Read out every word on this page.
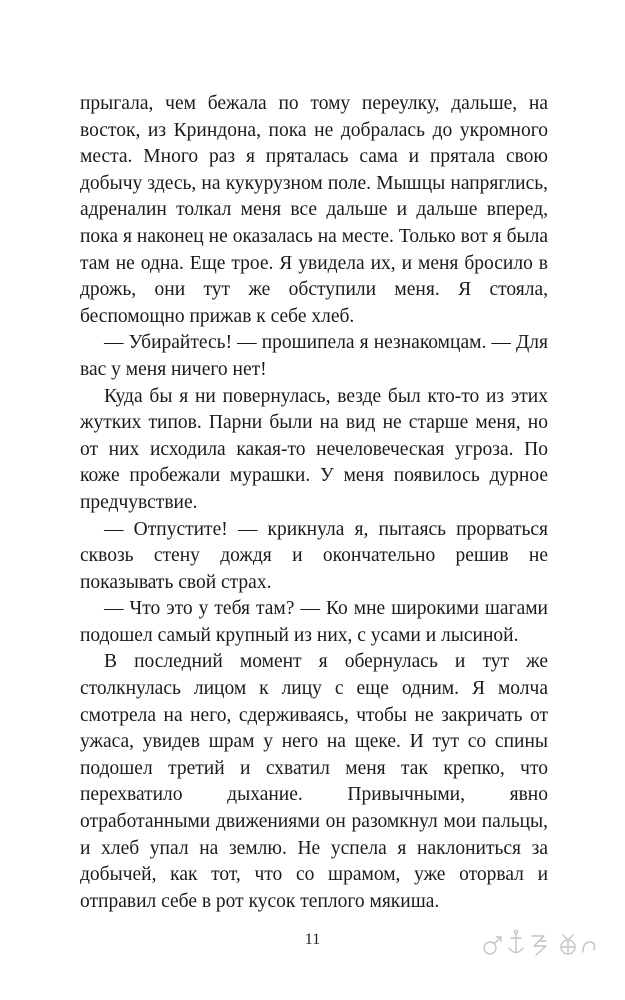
прыгала, чем бежала по тому переулку, дальше, на восток, из Криндона, пока не добралась до укромного места. Много раз я пряталась сама и прятала свою добычу здесь, на кукурузном поле. Мышцы напряглись, адреналин толкал меня все дальше и дальше вперед, пока я наконец не оказалась на месте. Только вот я была там не одна. Еще трое. Я увидела их, и меня бросило в дрожь, они тут же обступили меня. Я стояла, беспомощно прижав к себе хлеб.

— Убирайтесь! — прошипела я незнакомцам. — Для вас у меня ничего нет!

Куда бы я ни повернулась, везде был кто-то из этих жутких типов. Парни были на вид не старше меня, но от них исходила какая-то нечеловеческая угроза. По коже пробежали мурашки. У меня появилось дурное предчувствие.

— Отпустите! — крикнула я, пытаясь прорваться сквозь стену дождя и окончательно решив не показывать свой страх.

— Что это у тебя там? — Ко мне широкими шагами подошел самый крупный из них, с усами и лысиной.

В последний момент я обернулась и тут же столкнулась лицом к лицу с еще одним. Я молча смотрела на него, сдерживаясь, чтобы не закричать от ужаса, увидев шрам у него на щеке. И тут со спины подошел третий и схватил меня так крепко, что перехватило дыхание. Привычными, явно отработанными движениями он разомкнул мои пальцы, и хлеб упал на землю. Не успела я наклониться за добычей, как тот, что со шрамом, уже оторвал и отправил себе в рот кусок теплого мякиша.

11
